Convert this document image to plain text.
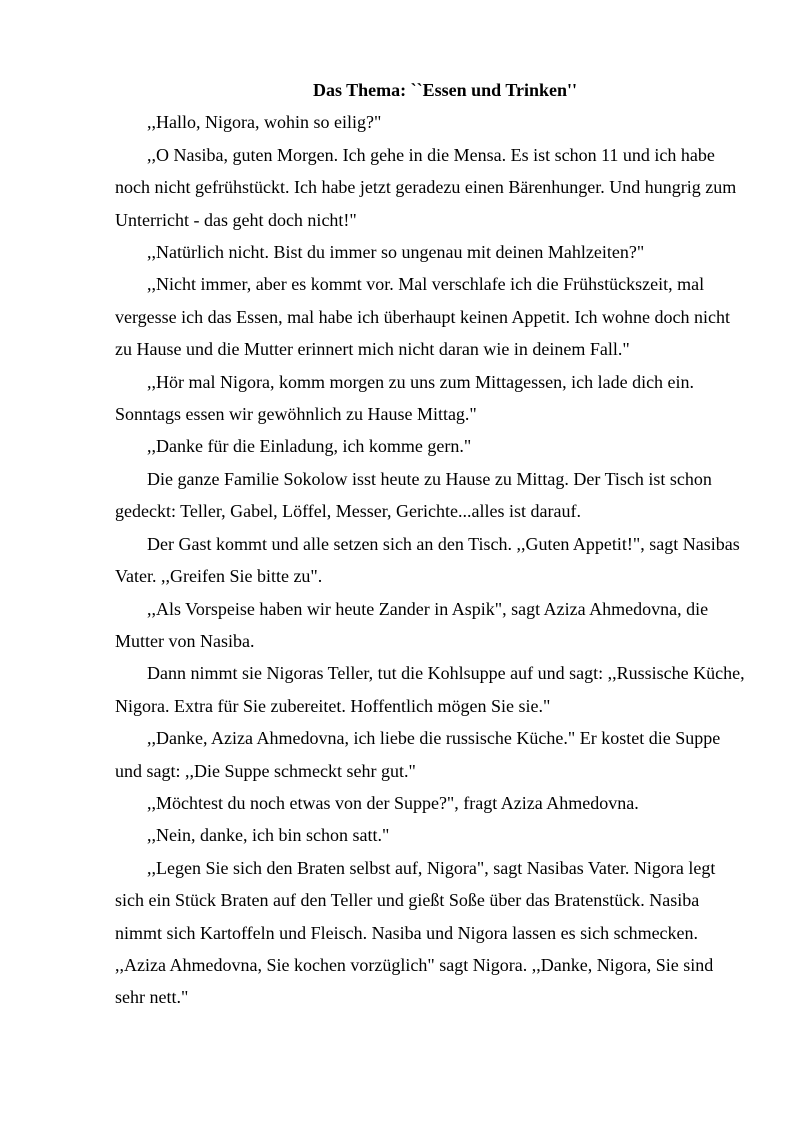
Das Thema: ``Essen und Trinken''

,,Hallo, Nigora, wohin so eilig?"

,,O Nasiba, guten Morgen. Ich gehe in die Mensa. Es ist schon 11 und ich habe noch nicht gefrühstückt. Ich habe jetzt geradezu einen Bärenhunger. Und hungrig zum Unterricht - das geht doch nicht!"

,,Natürlich nicht. Bist du immer so ungenau mit deinen Mahlzeiten?"

,,Nicht immer, aber es kommt vor. Mal verschlafe ich die Frühstückszeit, mal vergesse ich das Essen, mal habe ich überhaupt keinen Appetit. Ich wohne doch nicht zu Hause und die Mutter erinnert mich nicht daran wie in deinem Fall."

,,Hör mal Nigora, komm morgen zu uns zum Mittagessen, ich lade dich ein. Sonntags essen wir gewöhnlich zu Hause Mittag."

,,Danke für die Einladung, ich komme gern."

Die ganze Familie Sokolow isst heute zu Hause zu Mittag. Der Tisch ist schon gedeckt: Teller, Gabel, Löffel, Messer, Gerichte...alles ist darauf.

Der Gast kommt und alle setzen sich an den Tisch. ,,Guten Appetit!", sagt Nasibas Vater. ,,Greifen Sie bitte zu".

,,Als Vorspeise haben wir heute Zander in Aspik", sagt Aziza Ahmedovna, die Mutter von Nasiba.

Dann nimmt sie Nigoras Teller, tut die Kohlsuppe auf und sagt: ,,Russische Küche, Nigora. Extra für Sie zubereitet. Hoffentlich mögen Sie sie."

,,Danke, Aziza Ahmedovna, ich liebe die russische Küche." Er kostet die Suppe und sagt: ,,Die Suppe schmeckt sehr gut."

,,Möchtest du noch etwas von der Suppe?", fragt Aziza Ahmedovna.

,,Nein, danke, ich bin schon satt."

,,Legen Sie sich den Braten selbst auf, Nigora", sagt Nasibas Vater. Nigora legt sich ein Stück Braten auf den Teller und gießt Soße über das Bratenstück. Nasiba nimmt sich Kartoffeln und Fleisch. Nasiba und Nigora lassen es sich schmecken. ,,Aziza Ahmedovna, Sie kochen vorzüglich" sagt Nigora. ,,Danke, Nigora, Sie sind sehr nett."
